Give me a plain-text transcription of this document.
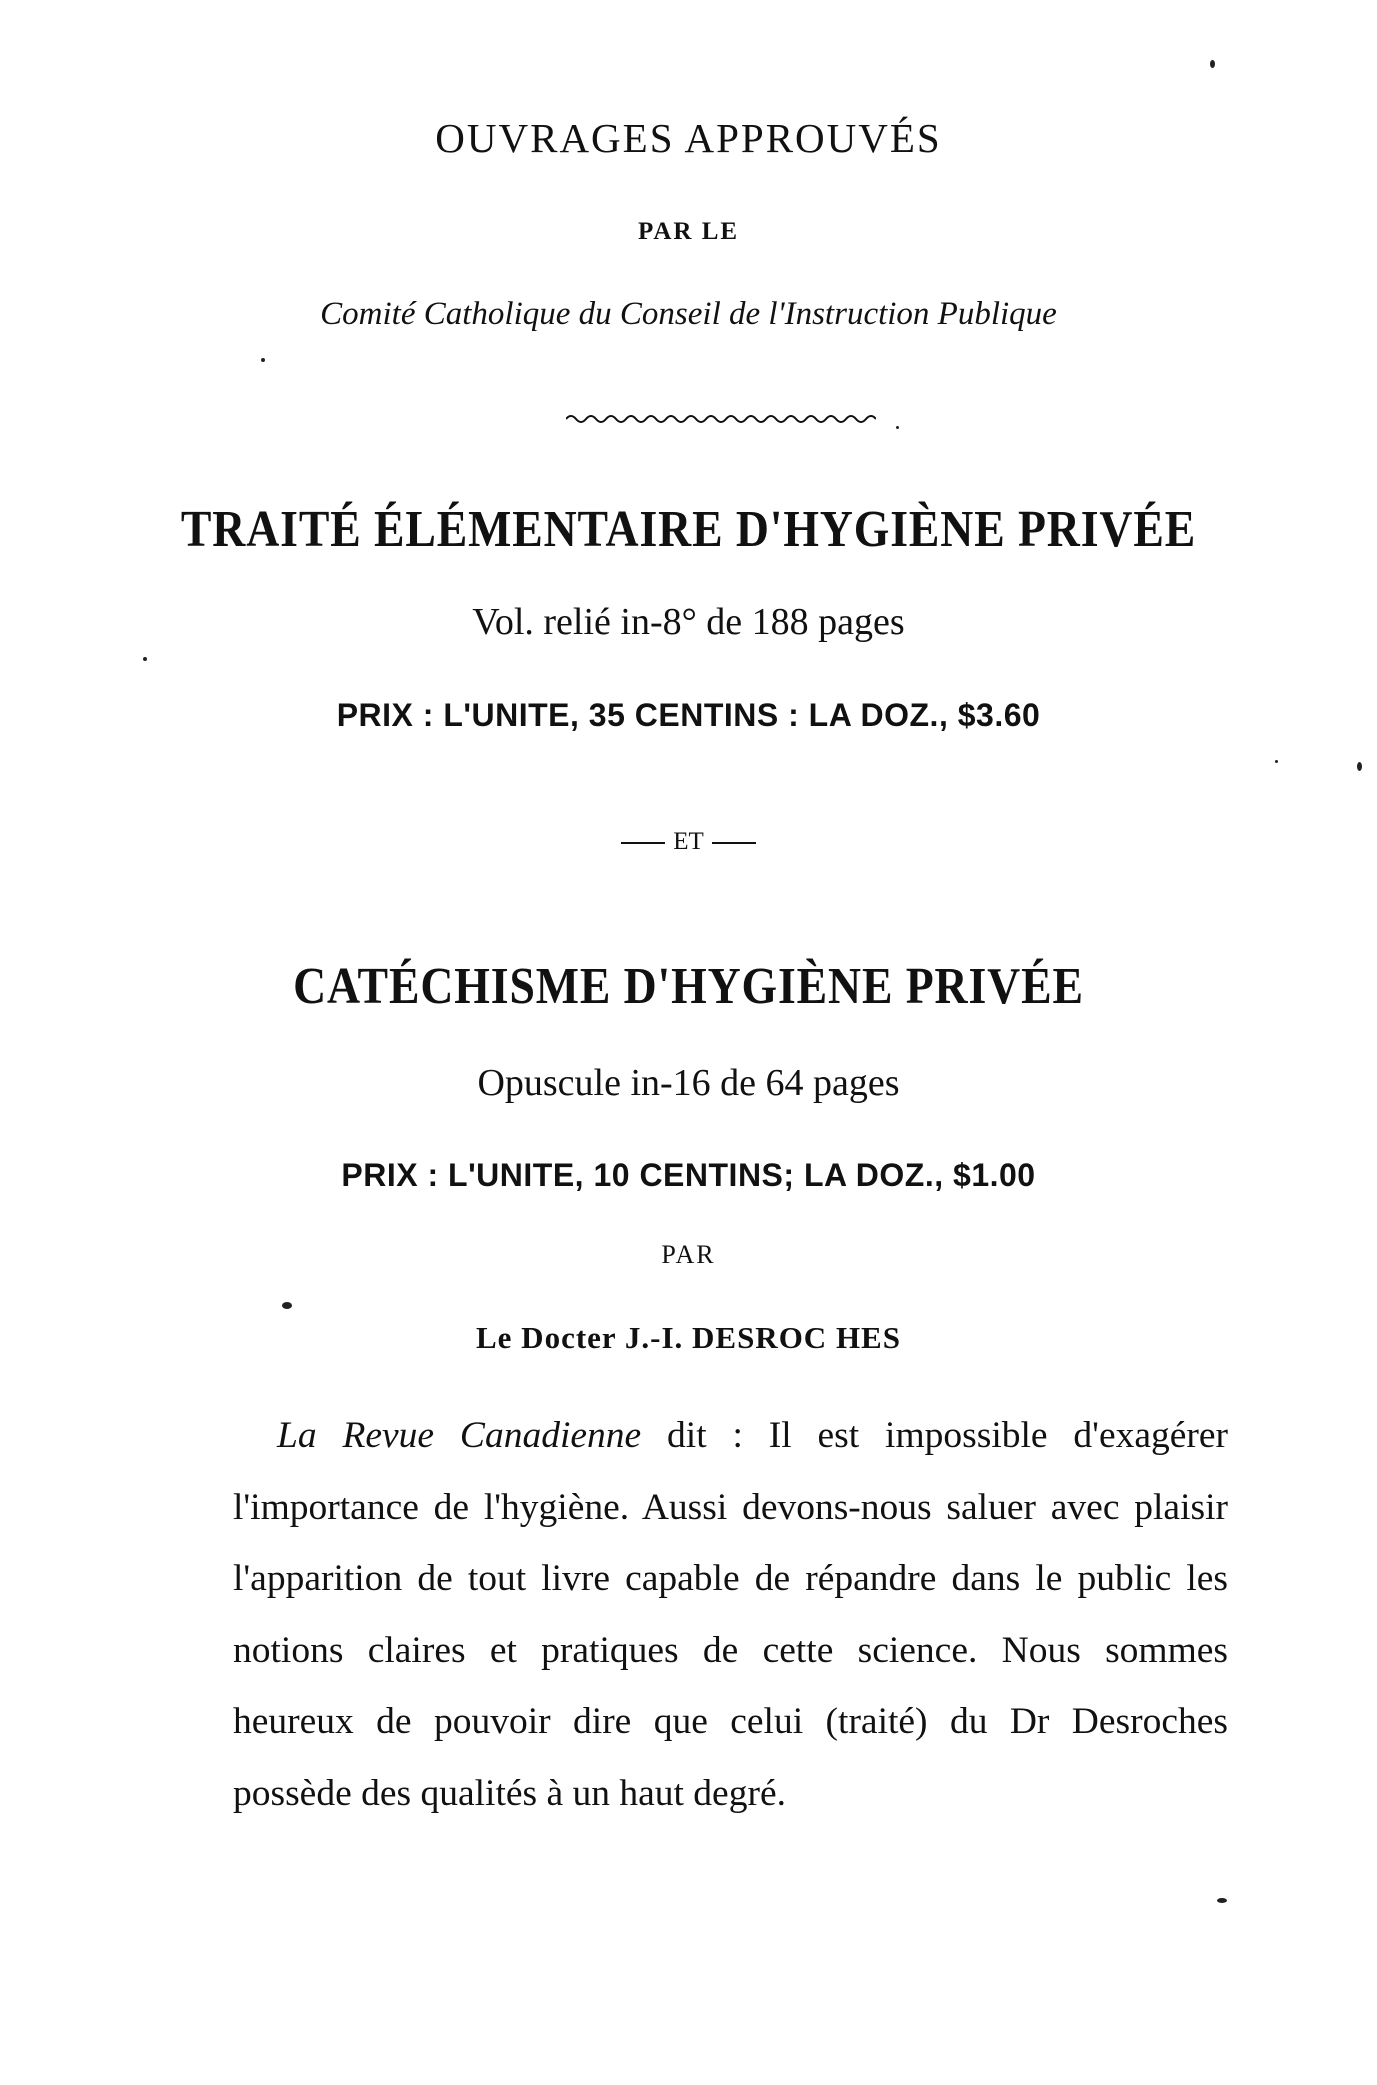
OUVRAGES APPROUVÉS
PAR LE
Comité Catholique du Conseil de l'Instruction Publique
TRAITÉ ÉLÉMENTAIRE D'HYGIÈNE PRIVÉE
Vol. relié in-8° de 188 pages
PRIX : L'UNITE, 35 CENTINS : LA DOZ., $3.60
ET
CATÉCHISME D'HYGIÈNE PRIVÉE
Opuscule in-16 de 64 pages
PRIX : L'UNITE, 10 CENTINS; LA DOZ., $1.00
PAR
Le Docter J.-I. DESROC HES

La Revue Canadienne dit : Il est impossible d'exagérer l'importance de l'hygiène. Aussi devons-nous saluer avec plaisir l'apparition de tout livre capable de répandre dans le public les notions claires et pratiques de cette science. Nous sommes heureux de pouvoir dire que celui (traité) du Dr Desroches possède des qualités à un haut degré.
